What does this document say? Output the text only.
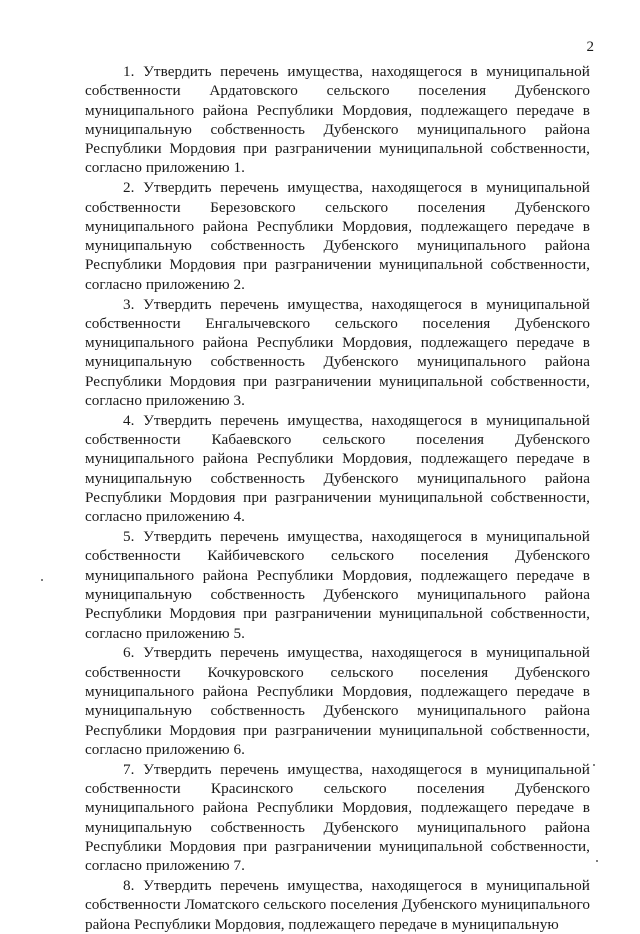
2

1. Утвердить перечень имущества, находящегося в муниципальной собственности Ардатовского сельского поселения Дубенского муниципального района Республики Мордовия, подлежащего передаче в муниципальную собственность Дубенского муниципального района Республики Мордовия при разграничении муниципальной собственности, согласно приложению 1.

2. Утвердить перечень имущества, находящегося в муниципальной собственности Березовского сельского поселения Дубенского муниципального района Республики Мордовия, подлежащего передаче в муниципальную собственность Дубенского муниципального района Республики Мордовия при разграничении муниципальной собственности, согласно приложению 2.

3. Утвердить перечень имущества, находящегося в муниципальной собственности Енгалычевского сельского поселения Дубенского муниципального района Республики Мордовия, подлежащего передаче в муниципальную собственность Дубенского муниципального района Республики Мордовия при разграничении муниципальной собственности, согласно приложению 3.

4. Утвердить перечень имущества, находящегося в муниципальной собственности Кабаевского сельского поселения Дубенского муниципального района Республики Мордовия, подлежащего передаче в муниципальную собственность Дубенского муниципального района Республики Мордовия при разграничении муниципальной собственности, согласно приложению 4.

5. Утвердить перечень имущества, находящегося в муниципальной собственности Кайбичевского сельского поселения Дубенского муниципального района Республики Мордовия, подлежащего передаче в муниципальную собственность Дубенского муниципального района Республики Мордовия при разграничении муниципальной собственности, согласно приложению 5.

6. Утвердить перечень имущества, находящегося в муниципальной собственности Кочкуровского сельского поселения Дубенского муниципального района Республики Мордовия, подлежащего передаче в муниципальную собственность Дубенского муниципального района Республики Мордовия при разграничении муниципальной собственности, согласно приложению 6.

7. Утвердить перечень имущества, находящегося в муниципальной собственности Красинского сельского поселения Дубенского муниципального района Республики Мордовия, подлежащего передаче в муниципальную собственность Дубенского муниципального района Республики Мордовия при разграничении муниципальной собственности, согласно приложению 7.

8. Утвердить перечень имущества, находящегося в муниципальной собственности Ломатского сельского поселения Дубенского муниципального района Республики Мордовия, подлежащего передаче в муниципальную
